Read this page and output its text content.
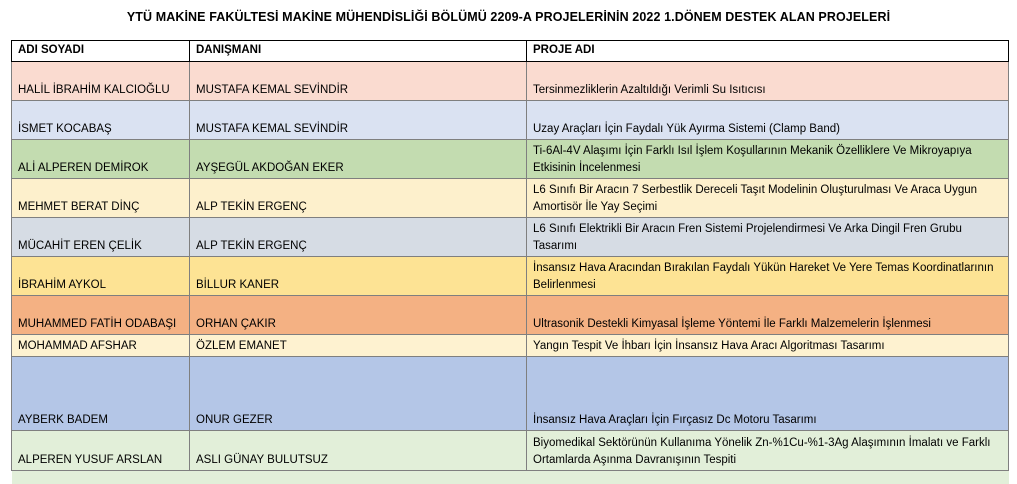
YTÜ MAKİNE FAKÜLTESİ MAKİNE MÜHENDİSLİĞİ BÖLÜMÜ 2209-A PROJELERİNİN 2022 1.DÖNEM DESTEK ALAN PROJELERİ
ADI SOYADI	DANIŞMANI	PROJE ADI
HALİL İBRAHİM KALCIOĞLU	MUSTAFA KEMAL SEVİNDİR	Tersinmezliklerin Azaltıldığı Verimli Su Isıtıcısı
İSMET KOCABAŞ	MUSTAFA KEMAL SEVİNDİR	Uzay Araçları İçin Faydalı Yük Ayırma Sistemi (Clamp Band)
ALİ ALPEREN DEMİROK	AYŞEGÜL AKDOĞAN EKER	Ti-6Al-4V Alaşımı İçin Farklı Isıl İşlem Koşullarının Mekanik Özelliklere Ve Mikroyapıya Etkisinin İncelenmesi
MEHMET BERAT DİNÇ	ALP TEKİN ERGENÇ	L6 Sınıfı Bir Aracın 7 Serbestlik Dereceli Taşıt Modelinin Oluşturulması Ve Araca Uygun Amortisör İle Yay Seçimi
MÜCAHİT EREN ÇELİK	ALP TEKİN ERGENÇ	L6 Sınıfı Elektrikli Bir Aracın Fren Sistemi Projelendirmesi Ve Arka Dingil Fren Grubu Tasarımı
İBRAHİM AYKOL	BİLLUR KANER	İnsansız Hava Aracından Bırakılan Faydalı Yükün Hareket Ve Yere Temas Koordinatlarının Belirlenmesi
MUHAMMED FATİH ODABAŞI	ORHAN ÇAKIR	Ultrasonik Destekli Kimyasal İşleme Yöntemi İle Farklı Malzemelerin İşlenmesi
MOHAMMAD AFSHAR	ÖZLEM EMANET	Yangın Tespit Ve İhbarı İçin İnsansız Hava Aracı Algoritması Tasarımı
AYBERK BADEM	ONUR GEZER	İnsansız Hava Araçları İçin Fırçasız Dc Motoru Tasarımı
ALPEREN YUSUF ARSLAN	ASLI GÜNAY BULUTSUZ	Biyomedikal Sektörünün Kullanıma Yönelik Zn-%1Cu-%1-3Ag Alaşımının İmalatı ve Farklı Ortamlarda Aşınma Davranışının Tespiti
